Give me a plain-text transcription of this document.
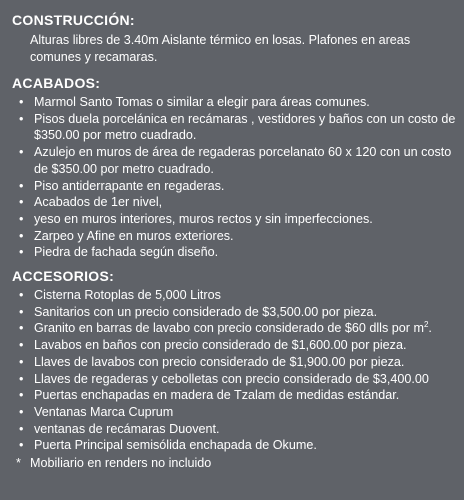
CONSTRUCCIÓN:

Alturas libres de 3.40m Aislante térmico en losas. Plafones en areas comunes y recamaras.

ACABADOS:
• Marmol Santo Tomas o similar a elegir para áreas comunes.
• Pisos duela porcelánica en recámaras , vestidores y baños con un costo de $350.00 por metro cuadrado.
• Azulejo en muros de área de regaderas porcelanato 60 x 120 con un costo de $350.00 por metro cuadrado.
• Piso antiderrapante en regaderas.
• Acabados de 1er nivel,
• yeso en muros interiores, muros rectos y sin imperfecciones.
• Zarpeo y Afine en muros exteriores.
• Piedra de fachada según diseño.
ACCESORIOS:
• Cisterna Rotoplas de 5,000 Litros
• Sanitarios con un precio considerado de $3,500.00 por pieza.
• Granito en barras de lavabo con precio considerado de $60 dlls por $m^2$.
• Lavabos en baños con precio considerado de $1,600.00 por pieza.
• Llaves de lavabos con precio considerado de $1,900.00 por pieza.
• Llaves de regaderas y cebolletas con precio considerado de $3,400.00
• Puertas enchapadas en madera de Tzalam de medidas estándar.
• Ventanas Marca Cuprum
• ventanas de recámaras Duovent.
• Puerta Principal semisólida enchapada de Okume.

* Mobiliario en renders no incluido
